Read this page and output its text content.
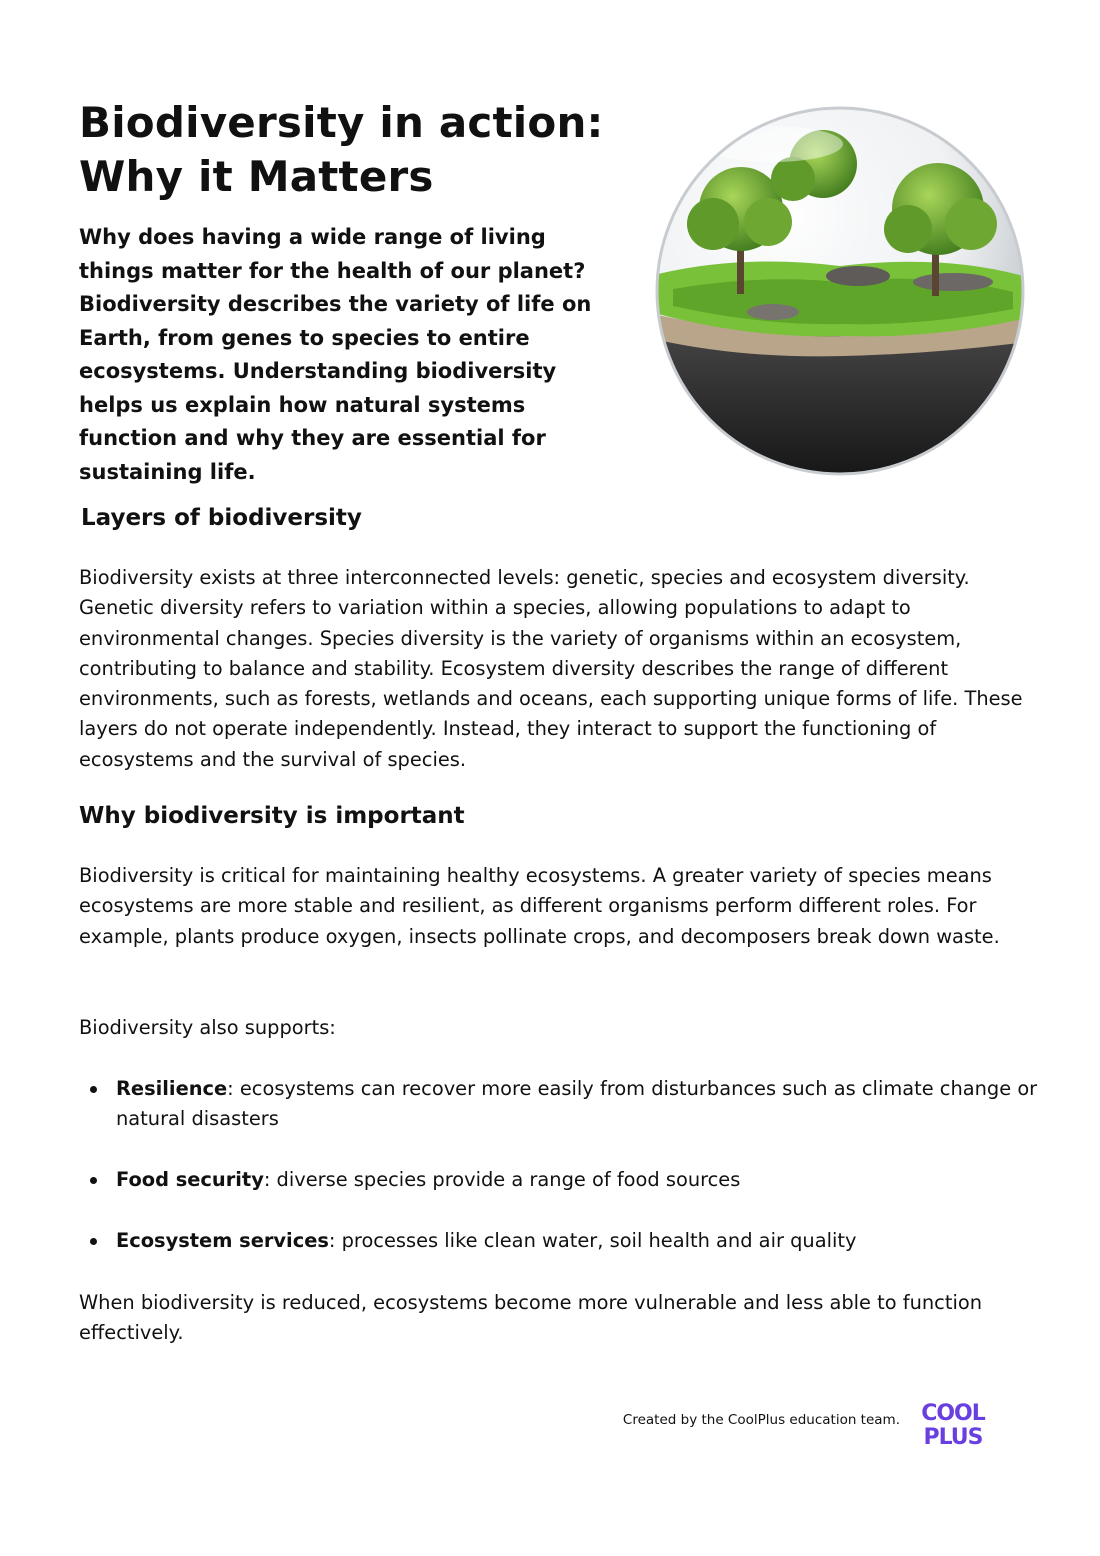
Biodiversity in action:
Why it Matters

Why does having a wide range of living things matter for the health of our planet? Biodiversity describes the variety of life on Earth, from genes to species to entire ecosystems. Understanding biodiversity helps us explain how natural systems function and why they are essential for sustaining life.

Layers of biodiversity

Biodiversity exists at three interconnected levels: genetic, species and ecosystem diversity. Genetic diversity refers to variation within a species, allowing populations to adapt to environmental changes. Species diversity is the variety of organisms within an ecosystem, contributing to balance and stability. Ecosystem diversity describes the range of different environments, such as forests, wetlands and oceans, each supporting unique forms of life. These layers do not operate independently. Instead, they interact to support the functioning of ecosystems and the survival of species.

Why biodiversity is important

Biodiversity is critical for maintaining healthy ecosystems. A greater variety of species means ecosystems are more stable and resilient, as different organisms perform different roles. For example, plants produce oxygen, insects pollinate crops, and decomposers break down waste.

Biodiversity also supports:

Resilience: ecosystems can recover more easily from disturbances such as climate change or natural disasters
Food security: diverse species provide a range of food sources
Ecosystem services: processes like clean water, soil health and air quality

When biodiversity is reduced, ecosystems become more vulnerable and less able to function effectively.

Created by the CoolPlus education team. COOL
PLUS
